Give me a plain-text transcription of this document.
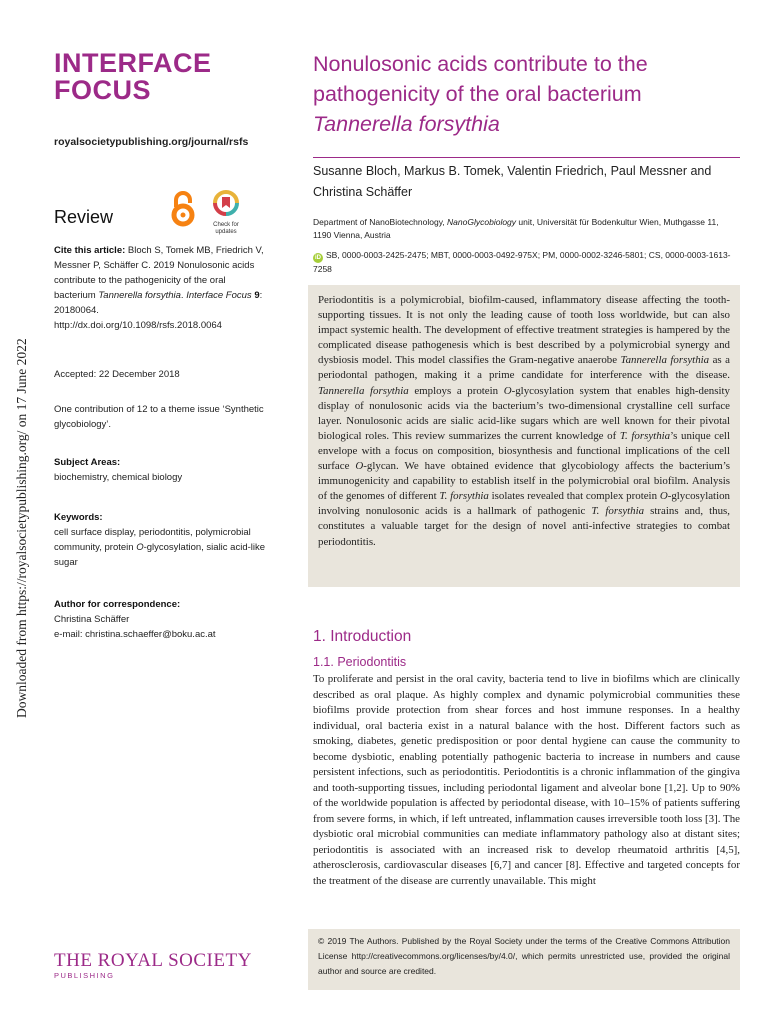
Downloaded from https://royalsocietypublishing.org/ on 17 June 2022
INTERFACE
FOCUS
royalsocietypublishing.org/journal/rsfs
Review	Check for updates
Cite this article: Bloch S, Tomek MB, Friedrich V, Messner P, Schäffer C. 2019 Nonulosonic acids contribute to the pathogenicity of the oral bacterium Tannerella forsythia. Interface Focus 9: 20180064.
http://dx.doi.org/10.1098/rsfs.2018.0064
Accepted: 22 December 2018
One contribution of 12 to a theme issue ‘Synthetic glycobiology’.
Subject Areas:
biochemistry, chemical biology
Keywords:
cell surface display, periodontitis, polymicrobial community, protein O-glycosylation, sialic acid-like sugar
Author for correspondence:
Christina Schäffer
e-mail: christina.schaeffer@boku.ac.at
THE ROYAL SOCIETY
PUBLISHING
Nonulosonic acids contribute to the
pathogenicity of the oral bacterium
Tannerella forsythia
Susanne Bloch, Markus B. Tomek, Valentin Friedrich, Paul Messner and Christina Schäffer
Department of NanoBiotechnology, NanoGlycobiology unit, Universität für Bodenkultur Wien, Muthgasse 11, 1190 Vienna, Austria
iD SB, 0000-0003-2425-2475; MBT, 0000-0003-0492-975X; PM, 0000-0002-3246-5801; CS, 0000-0003-1613-7258

Periodontitis is a polymicrobial, biofilm-caused, inflammatory disease affecting the tooth-supporting tissues. It is not only the leading cause of tooth loss worldwide, but can also impact systemic health. The development of effective treatment strategies is hampered by the complicated disease pathogenesis which is best described by a polymicrobial synergy and dysbiosis model. This model classifies the Gram-negative anaerobe Tannerella forsythia as a periodontal pathogen, making it a prime candidate for interference with the disease. Tannerella forsythia employs a protein O-glycosylation system that enables high-density display of nonulosonic acids via the bacterium’s two-dimensional crystalline cell surface layer. Nonulosonic acids are sialic acid-like sugars which are well known for their pivotal biological roles. This review summarizes the current knowledge of T. forsythia’s unique cell envelope with a focus on composition, biosynthesis and functional implications of the cell surface O-glycan. We have obtained evidence that glycobiology affects the bacterium’s immunogenicity and capability to establish itself in the polymicrobial oral biofilm. Analysis of the genomes of different T. forsythia isolates revealed that complex protein O-glycosylation involving nonulosonic acids is a hallmark of pathogenic T. forsythia strains and, thus, constitutes a valuable target for the design of novel anti-infective strategies to combat periodontitis.

1. Introduction
1.1. Periodontitis

To proliferate and persist in the oral cavity, bacteria tend to live in biofilms which are clinically described as oral plaque. As highly complex and dynamic polymicrobial communities these biofilms provide protection from shear forces and host immune responses. In a healthy individual, oral bacteria exist in a natural balance with the host. Different factors such as smoking, diabetes, genetic predisposition or poor dental hygiene can cause the community to become dysbiotic, enabling potentially pathogenic bacteria to increase in numbers and cause persistent infections, such as periodontitis. Periodontitis is a chronic inflammation of the gingiva and tooth-supporting tissues, including periodontal ligament and alveolar bone [1,2]. Up to 90% of the worldwide population is affected by periodontal disease, with 10–15% of patients suffering from severe forms, in which, if left untreated, inflammation causes irreversible tooth loss [3]. The dysbiotic oral microbial communities can mediate inflammatory pathology also at distant sites; periodontitis is associated with an increased risk to develop rheumatoid arthritis [4,5], atherosclerosis, cardiovascular diseases [6,7] and cancer [8]. Effective and targeted concepts for the treatment of the disease are currently unavailable. This might

© 2019 The Authors. Published by the Royal Society under the terms of the Creative Commons Attribution License http://creativecommons.org/licenses/by/4.0/, which permits unrestricted use, provided the original author and source are credited.
